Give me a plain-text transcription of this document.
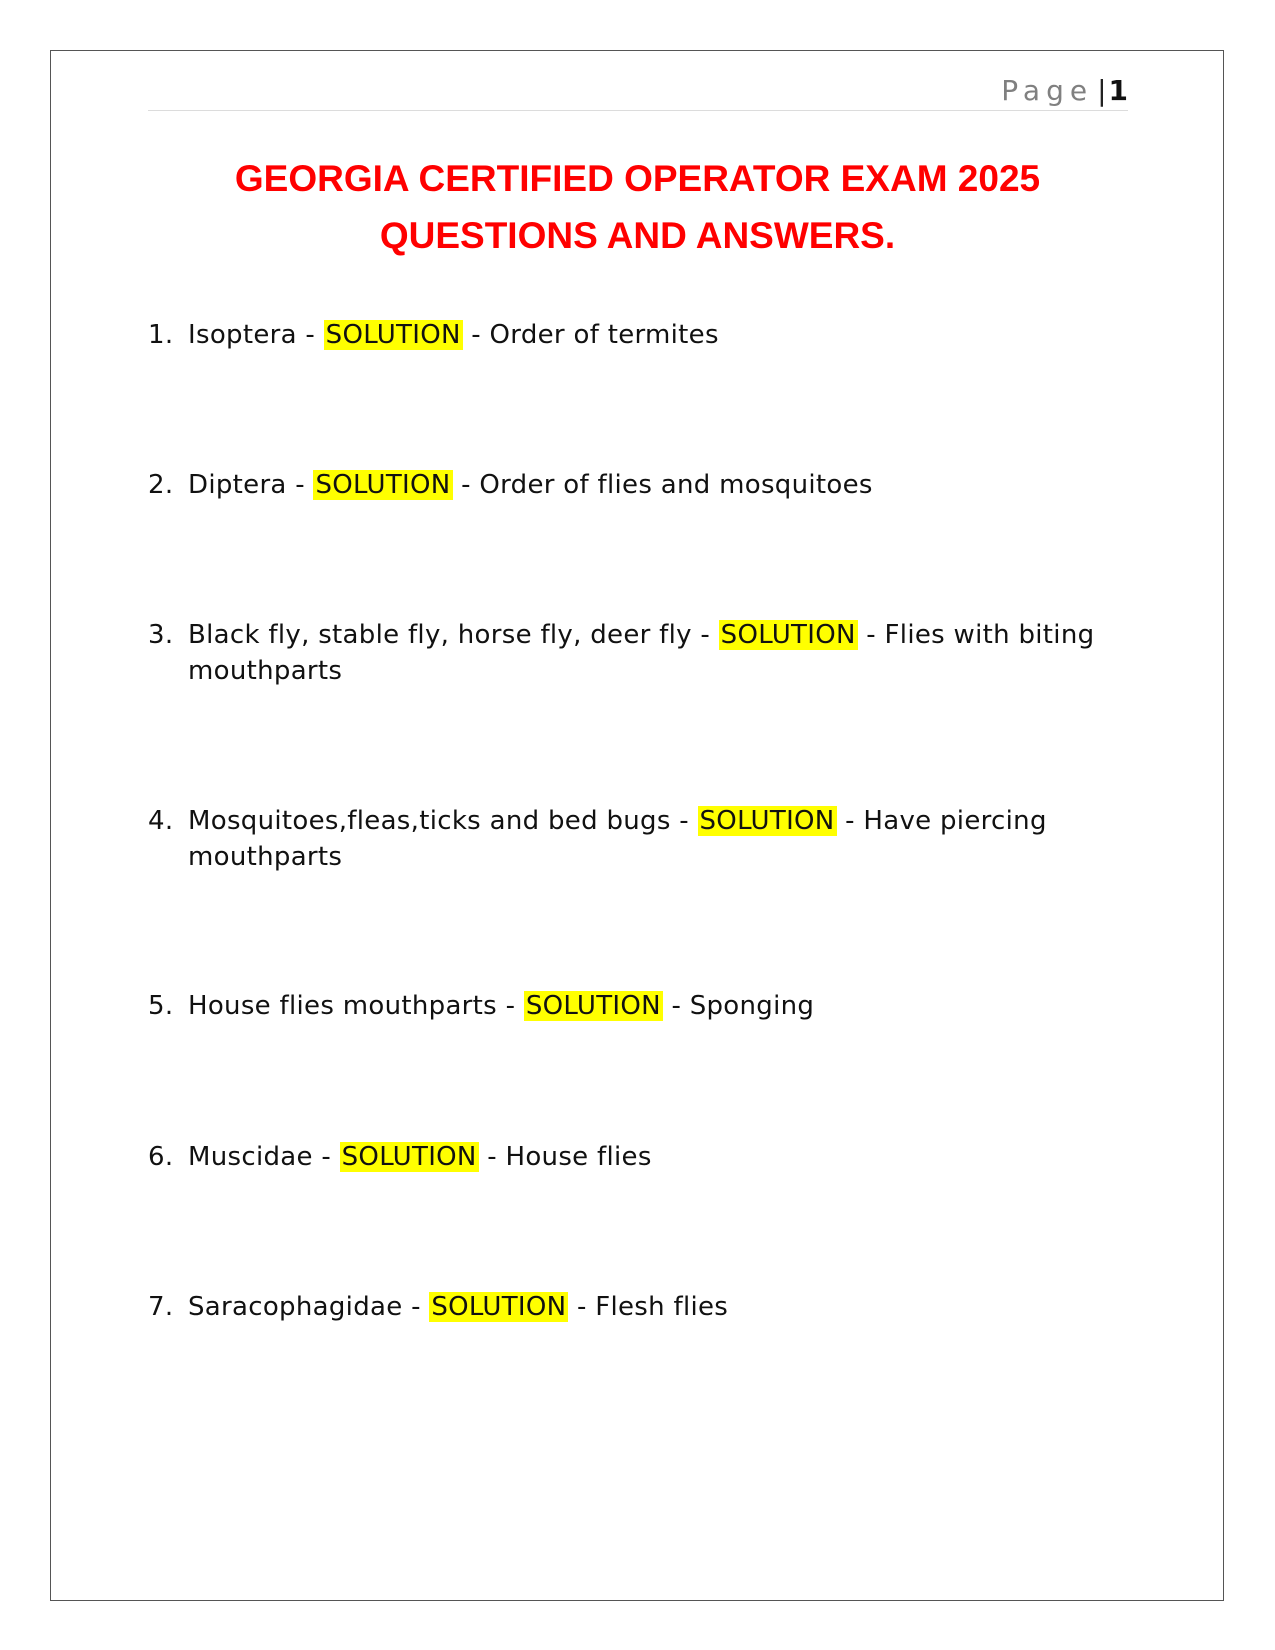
Page |1
GEORGIA CERTIFIED OPERATOR EXAM 2025
QUESTIONS AND ANSWERS.
1. Isoptera - SOLUTION - Order of termites
2. Diptera - SOLUTION - Order of flies and mosquitoes
3. Black fly, stable fly, horse fly, deer fly - SOLUTION - Flies with biting mouthparts
4. Mosquitoes,fleas,ticks and bed bugs - SOLUTION - Have piercing mouthparts
5. House flies mouthparts - SOLUTION - Sponging
6. Muscidae - SOLUTION - House flies
7. Saracophagidae - SOLUTION - Flesh flies
